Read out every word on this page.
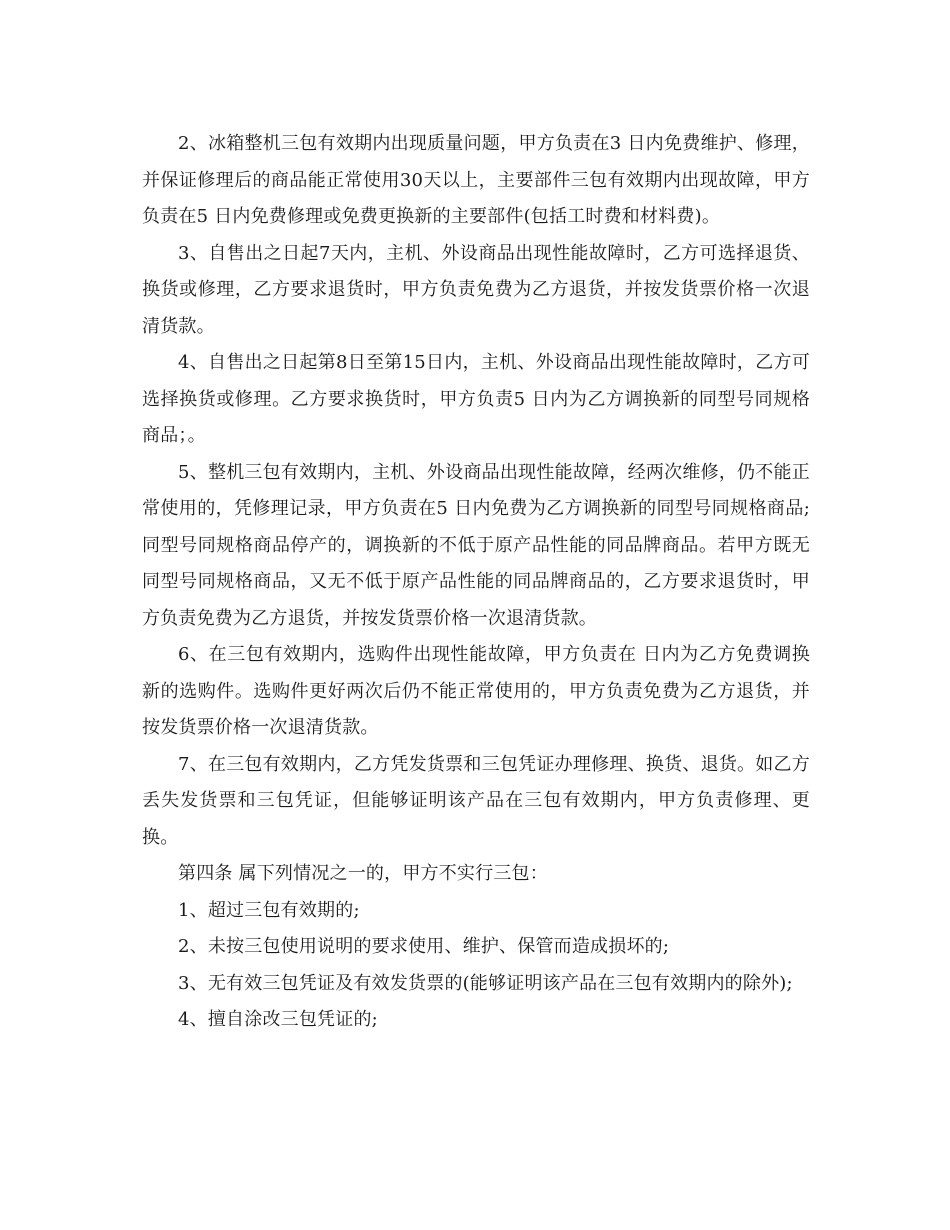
2、冰箱整机三包有效期内出现质量问题，甲方负责在3 日内免费维护、修理，并保证修理后的商品能正常使用30天以上，主要部件三包有效期内出现故障，甲方负责在5 日内免费修理或免费更换新的主要部件(包括工时费和材料费)。

3、自售出之日起7天内，主机、外设商品出现性能故障时，乙方可选择退货、换货或修理，乙方要求退货时，甲方负责免费为乙方退货，并按发货票价格一次退清货款。

4、自售出之日起第8日至第15日内，主机、外设商品出现性能故障时，乙方可选择换货或修理。乙方要求换货时，甲方负责5 日内为乙方调换新的同型号同规格商品；。

5、整机三包有效期内，主机、外设商品出现性能故障，经两次维修，仍不能正常使用的，凭修理记录，甲方负责在5 日内免费为乙方调换新的同型号同规格商品;同型号同规格商品停产的，调换新的不低于原产品性能的同品牌商品。若甲方既无同型号同规格商品，又无不低于原产品性能的同品牌商品的，乙方要求退货时，甲方负责免费为乙方退货，并按发货票价格一次退清货款。

6、在三包有效期内，选购件出现性能故障，甲方负责在 日内为乙方免费调换新的选购件。选购件更好两次后仍不能正常使用的，甲方负责免费为乙方退货，并按发货票价格一次退清货款。

7、在三包有效期内，乙方凭发货票和三包凭证办理修理、换货、退货。如乙方丢失发货票和三包凭证，但能够证明该产品在三包有效期内，甲方负责修理、更换。

第四条 属下列情况之一的，甲方不实行三包：

1、超过三包有效期的;

2、未按三包使用说明的要求使用、维护、保管而造成损坏的;

3、无有效三包凭证及有效发货票的(能够证明该产品在三包有效期内的除外);

4、擅自涂改三包凭证的;
